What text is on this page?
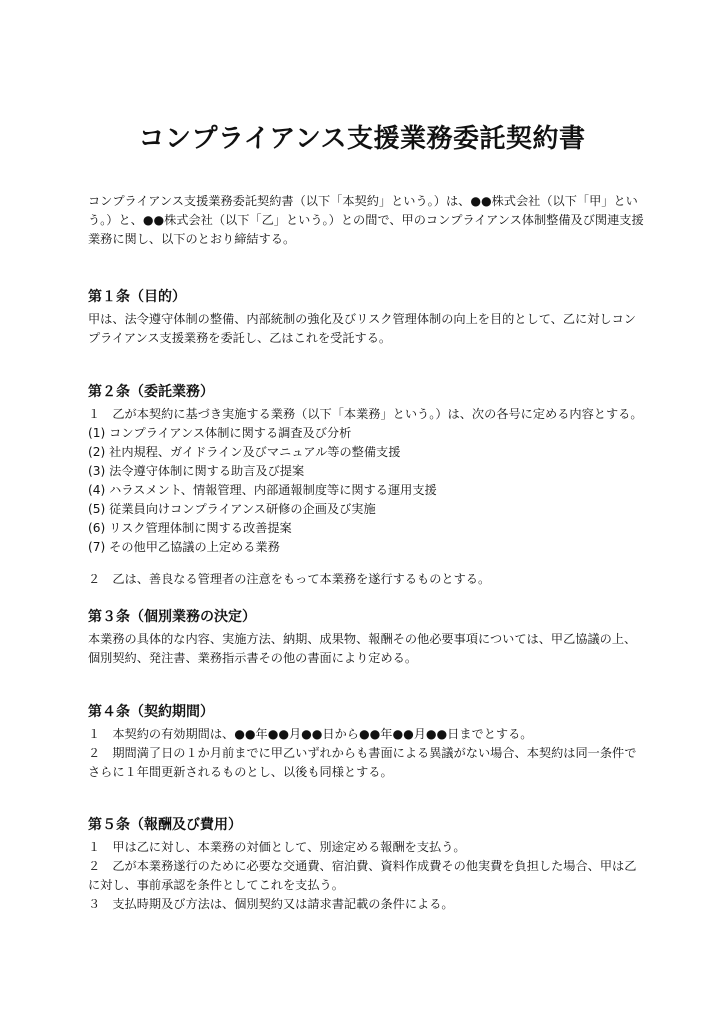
コンプライアンス支援業務委託契約書

コンプライアンス支援業務委託契約書（以下「本契約」という。）は、●●株式会社（以下「甲」という。）と、●●株式会社（以下「乙」という。）との間で、甲のコンプライアンス体制整備及び関連支援業務に関し、以下のとおり締結する。

第１条（目的）

甲は、法令遵守体制の整備、内部統制の強化及びリスク管理体制の向上を目的として、乙に対しコンプライアンス支援業務を委託し、乙はこれを受託する。

第２条（委託業務）

１　乙が本契約に基づき実施する業務（以下「本業務」という。）は、次の各号に定める内容とする。

(1) コンプライアンス体制に関する調査及び分析

(2) 社内規程、ガイドライン及びマニュアル等の整備支援

(3) 法令遵守体制に関する助言及び提案

(4) ハラスメント、情報管理、内部通報制度等に関する運用支援

(5) 従業員向けコンプライアンス研修の企画及び実施

(6) リスク管理体制に関する改善提案

(7) その他甲乙協議の上定める業務

２　乙は、善良なる管理者の注意をもって本業務を遂行するものとする。

第３条（個別業務の決定）

本業務の具体的な内容、実施方法、納期、成果物、報酬その他必要事項については、甲乙協議の上、個別契約、発注書、業務指示書その他の書面により定める。

第４条（契約期間）

１　本契約の有効期間は、●●年●●月●●日から●●年●●月●●日までとする。

２　期間満了日の１か月前までに甲乙いずれからも書面による異議がない場合、本契約は同一条件でさらに１年間更新されるものとし、以後も同様とする。

第５条（報酬及び費用）

１　甲は乙に対し、本業務の対価として、別途定める報酬を支払う。

２　乙が本業務遂行のために必要な交通費、宿泊費、資料作成費その他実費を負担した場合、甲は乙に対し、事前承認を条件としてこれを支払う。

３　支払時期及び方法は、個別契約又は請求書記載の条件による。
